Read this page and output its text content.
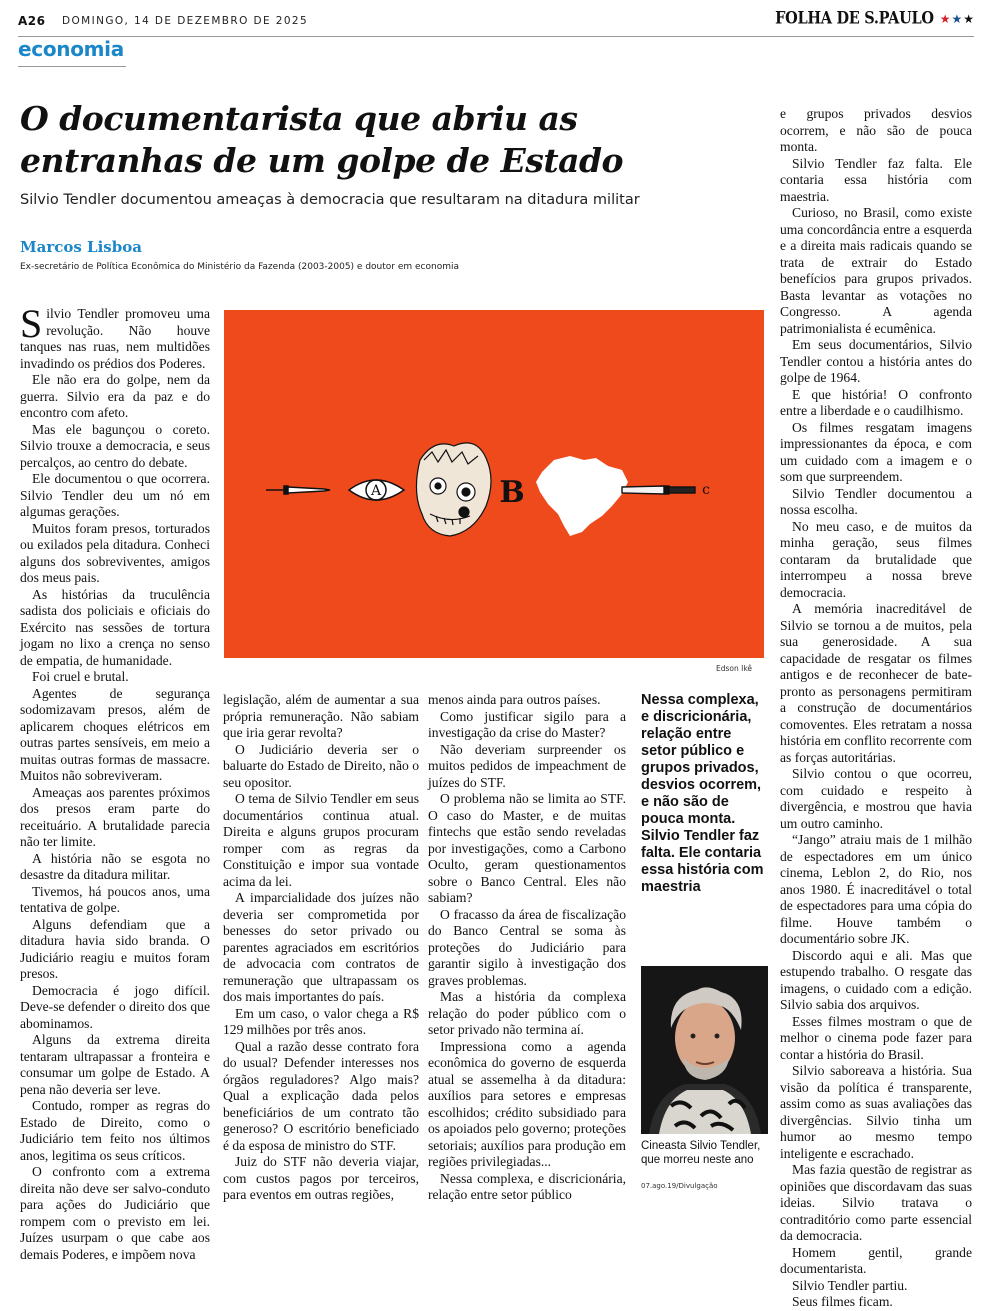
A26 DOMINGO, 14 DE DEZEMBRO DE 2025	FOLHA DE S.PAULO ★ ★ ★
economia
O documentarista que abriu as entranhas de um golpe de Estado
Silvio Tendler documentou ameaças à democracia que resultaram na ditadura militar
Marcos Lisboa
Ex-secretário de Política Econômica do Ministério da Fazenda (2003-2005) e doutor em economia

Silvio Tendler promoveu uma revolução. Não houve tanques nas ruas, nem multidões invadindo os prédios dos Poderes.

Ele não era do golpe, nem da guerra. Silvio era da paz e do encontro com afeto.

Mas ele bagunçou o coreto. Silvio trouxe a democracia, e seus percalços, ao centro do debate.

Ele documentou o que ocorrera. Silvio Tendler deu um nó em algumas gerações.

Muitos foram presos, torturados ou exilados pela ditadura. Conheci alguns dos sobreviventes, amigos dos meus pais.

As histórias da truculência sadista dos policiais e oficiais do Exército nas sessões de tortura jogam no lixo a crença no senso de empatia, de humanidade.

Foi cruel e brutal.

Agentes de segurança sodomizavam presos, além de aplicarem choques elétricos em outras partes sensíveis, em meio a muitas outras formas de massacre. Muitos não sobreviveram.

Ameaças aos parentes próximos dos presos eram parte do receituário. A brutalidade parecia não ter limite.

A história não se esgota no desastre da ditadura militar.

Tivemos, há poucos anos, uma tentativa de golpe.

Alguns defendiam que a ditadura havia sido branda. O Judiciário reagiu e muitos foram presos.

Democracia é jogo difícil. Deve-se defender o direito dos que abominamos.

Alguns da extrema direita tentaram ultrapassar a fronteira e consumar um golpe de Estado. A pena não deveria ser leve.

Contudo, romper as regras do Estado de Direito, como o Judiciário tem feito nos últimos anos, legitima os seus críticos.

O confronto com a extrema direita não deve ser salvo-conduto para ações do Judiciário que rompem com o previsto em lei. Juízes usurpam o que cabe aos demais Poderes, e impõem nova

A	B	c
Edson Ikê

legislação, além de aumentar a sua própria remuneração. Não sabiam que iria gerar revolta?

O Judiciário deveria ser o baluarte do Estado de Direito, não o seu opositor.

O tema de Silvio Tendler em seus documentários continua atual. Direita e alguns grupos procuram romper com as regras da Constituição e impor sua vontade acima da lei.

A imparcialidade dos juízes não deveria ser comprometida por benesses do setor privado ou parentes agraciados em escritórios de advocacia com contratos de remuneração que ultrapassam os dos mais importantes do país.

Em um caso, o valor chega a R$ 129 milhões por três anos.

Qual a razão desse contrato fora do usual? Defender interesses nos órgãos reguladores? Algo mais? Qual a explicação dada pelos beneficiários de um contrato tão generoso? O escritório beneficiado é da esposa de ministro do STF.

Juiz do STF não deveria viajar, com custos pagos por terceiros, para eventos em outras regiões,

menos ainda para outros países.

Como justificar sigilo para a investigação da crise do Master?

Não deveriam surpreender os muitos pedidos de impeachment de juízes do STF.

O problema não se limita ao STF. O caso do Master, e de muitas fintechs que estão sendo reveladas por investigações, como a Carbono Oculto, geram questionamentos sobre o Banco Central. Eles não sabiam?

O fracasso da área de fiscalização do Banco Central se soma às proteções do Judiciário para garantir sigilo à investigação dos graves problemas.

Mas a história da complexa relação do poder público com o setor privado não termina aí.

Impressiona como a agenda econômica do governo de esquerda atual se assemelha à da ditadura: auxílios para setores e empresas escolhidos; crédito subsidiado para os apoiados pelo governo; proteções setoriais; auxílios para produção em regiões privilegiadas...

Nessa complexa, e discricionária, relação entre setor público

Nessa complexa, e discricionária, relação entre setor público e grupos privados, desvios ocorrem, e não são de pouca monta. Silvio Tendler faz falta. Ele contaria essa história com maestria
Cineasta Silvio Tendler, que morreu neste ano
07.ago.19/Divulgação

e grupos privados desvios ocorrem, e não são de pouca monta.

Silvio Tendler faz falta. Ele contaria essa história com maestria.

Curioso, no Brasil, como existe uma concordância entre a esquerda e a direita mais radicais quando se trata de extrair do Estado benefícios para grupos privados. Basta levantar as votações no Congresso. A agenda patrimonialista é ecumênica.

Em seus documentários, Silvio Tendler contou a história antes do golpe de 1964.

E que história! O confronto entre a liberdade e o caudilhismo.

Os filmes resgatam imagens impressionantes da época, e com um cuidado com a imagem e o som que surpreendem.

Silvio Tendler documentou a nossa escolha.

No meu caso, e de muitos da minha geração, seus filmes contaram da brutalidade que interrompeu a nossa breve democracia.

A memória inacreditável de Silvio se tornou a de muitos, pela sua generosidade. A sua capacidade de resgatar os filmes antigos e de reconhecer de bate-pronto as personagens permitiram a construção de documentários comoventes. Eles retratam a nossa história em conflito recorrente com as forças autoritárias.

Silvio contou o que ocorreu, com cuidado e respeito à divergência, e mostrou que havia um outro caminho.

“Jango” atraiu mais de 1 milhão de espectadores em um único cinema, Leblon 2, do Rio, nos anos 1980. É inacreditável o total de espectadores para uma cópia do filme. Houve também o documentário sobre JK.

Discordo aqui e ali. Mas que estupendo trabalho. O resgate das imagens, o cuidado com a edição. Silvio sabia dos arquivos.

Esses filmes mostram o que de melhor o cinema pode fazer para contar a história do Brasil.

Silvio saboreava a história. Sua visão da política é transparente, assim como as suas avaliações das divergências. Silvio tinha um humor ao mesmo tempo inteligente e escrachado.

Mas fazia questão de registrar as opiniões que discordavam das suas ideias. Silvio tratava o contraditório como parte essencial da democracia.

Homem gentil, grande documentarista.

Silvio Tendler partiu.

Seus filmes ficam.
